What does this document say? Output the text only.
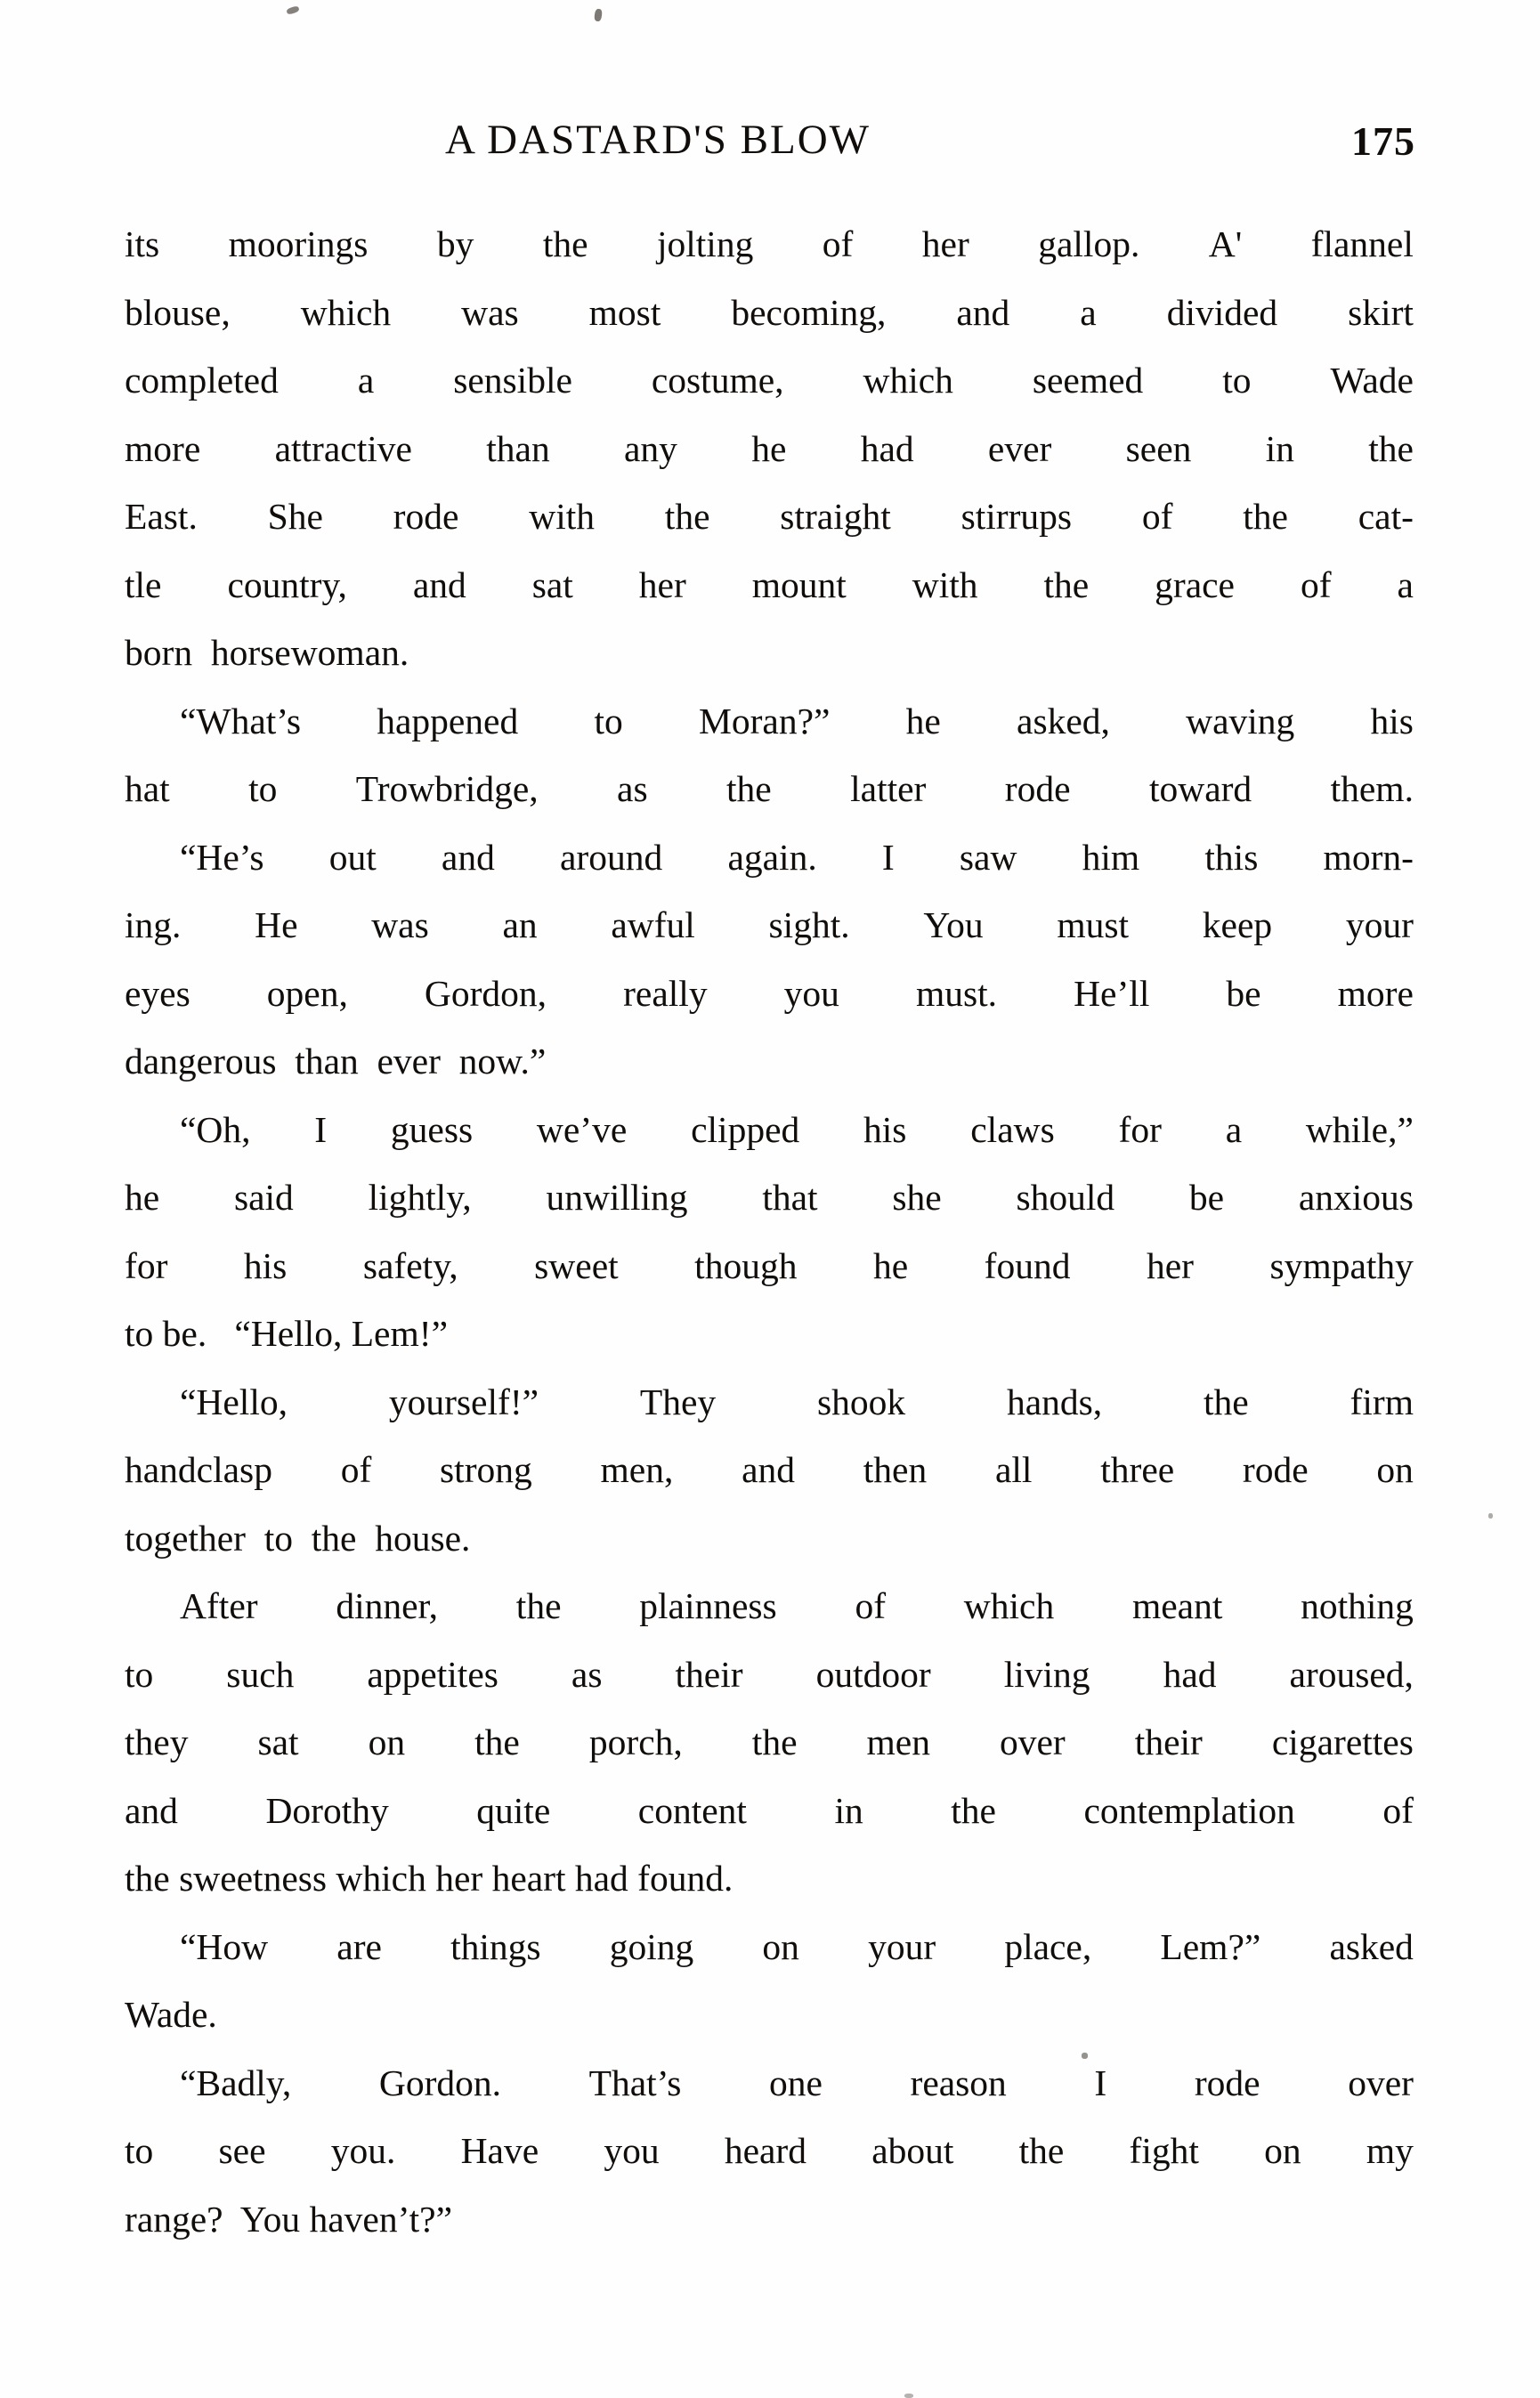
A DASTARD'S BLOW	175

its moorings by the jolting of her gallop. A' flannel
blouse, which was most becoming, and a divided skirt
completed a sensible costume, which seemed to Wade
more attractive than any he had ever seen in the
East. She rode with the straight stirrups of the cat-
tle country, and sat her mount with the grace of a
born  horsewoman.

“What’s happened to Moran?” he asked, waving his
hat to Trowbridge, as the latter rode toward them.

“He’s out and around again. I saw him this morn-
ing. He was an awful sight. You must keep your
eyes open, Gordon, really you must. He’ll be more
dangerous  than  ever  now.”

“Oh, I guess we’ve clipped his claws for a while,”
he said lightly, unwilling that she should be anxious
for his safety, sweet though he found her sympathy
to be.   “Hello, Lem!”

“Hello,	yourself!”	They	shook	hands,	the	firm
handclasp of strong men, and then all three rode on
together  to  the  house.

After dinner, the plainness of which meant nothing
to such appetites as their outdoor living had aroused,
they sat on the porch, the men over their cigarettes
and Dorothy quite content in the contemplation of
the sweetness which her heart had found.

“How are things going on your place, Lem?” asked
Wade.

“Badly, Gordon. That’s one reason I rode over
to see you. Have you heard about the fight on my
range?  You haven’t?”
